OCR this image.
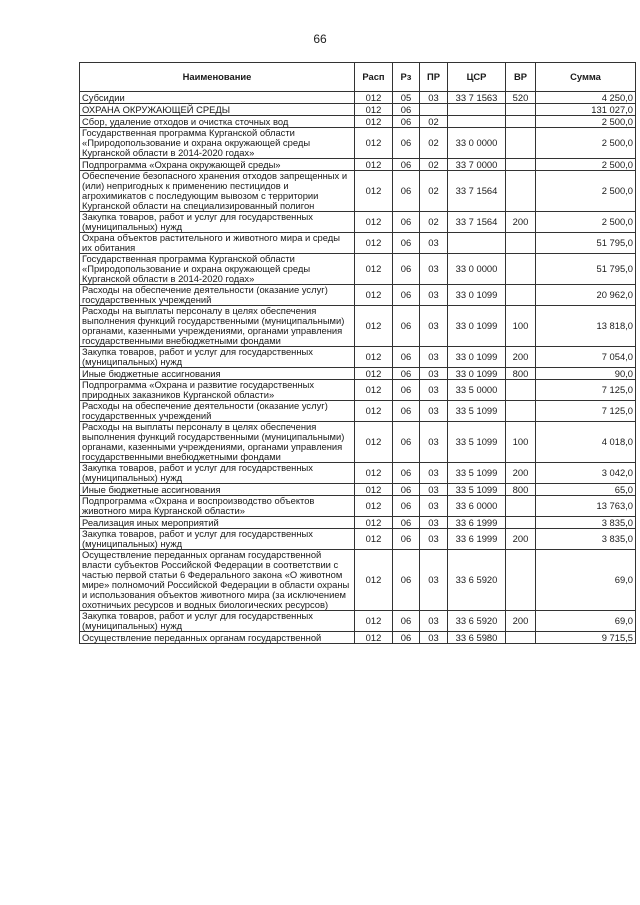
66
Наименование	Расп	Рз	ПР	ЦСР	ВР	Сумма
Субсидии	012	05	03	33 7 1563	520	4 250,0
ОХРАНА ОКРУЖАЮЩЕЙ СРЕДЫ	012	06				131 027,0
Сбор, удаление отходов и очистка сточных вод	012	06	02			2 500,0
Государственная программа Курганской области «Природопользование и охрана окружающей среды Курганской области в 2014-2020 годах»	012	06	02	33 0 0000		2 500,0
Подпрограмма «Охрана окружающей среды»	012	06	02	33 7 0000		2 500,0
Обеспечение безопасного хранения отходов запрещенных и (или) непригодных к применению пестицидов и агрохимикатов с последующим вывозом с территории Курганской области на специализированный полигон	012	06	02	33 7 1564		2 500,0
Закупка товаров, работ и услуг для государственных (муниципальных) нужд	012	06	02	33 7 1564	200	2 500,0
Охрана объектов растительного и животного мира и среды их обитания	012	06	03			51 795,0
Государственная программа Курганской области «Природопользование и охрана окружающей среды Курганской области в 2014-2020 годах»	012	06	03	33 0 0000		51 795,0
Расходы на обеспечение деятельности (оказание услуг) государственных учреждений	012	06	03	33 0 1099		20 962,0
Расходы на выплаты персоналу в целях обеспечения выполнения функций государственными (муниципальными) органами, казенными учреждениями, органами управления государственными внебюджетными фондами	012	06	03	33 0 1099	100	13 818,0
Закупка товаров, работ и услуг для государственных (муниципальных) нужд	012	06	03	33 0 1099	200	7 054,0
Иные бюджетные ассигнования	012	06	03	33 0 1099	800	90,0
Подпрограмма «Охрана и развитие государственных природных заказников Курганской области»	012	06	03	33 5 0000		7 125,0
Расходы на обеспечение деятельности (оказание услуг) государственных учреждений	012	06	03	33 5 1099		7 125,0
Расходы на выплаты персоналу в целях обеспечения выполнения функций государственными (муниципальными) органами, казенными учреждениями, органами управления государственными внебюджетными фондами	012	06	03	33 5 1099	100	4 018,0
Закупка товаров, работ и услуг для государственных (муниципальных) нужд	012	06	03	33 5 1099	200	3 042,0
Иные бюджетные ассигнования	012	06	03	33 5 1099	800	65,0
Подпрограмма «Охрана и воспроизводство объектов животного мира Курганской области»	012	06	03	33 6 0000		13 763,0
Реализация иных мероприятий	012	06	03	33 6 1999		3 835,0
Закупка товаров, работ и услуг для государственных (муниципальных) нужд	012	06	03	33 6 1999	200	3 835,0
Осуществление переданных органам государственной власти субъектов Российской Федерации в соответствии с частью первой статьи 6 Федерального закона «О животном мире» полномочий Российской Федерации в области охраны и использования объектов животного мира (за исключением охотничьих ресурсов и водных биологических ресурсов)	012	06	03	33 6 5920		69,0
Закупка товаров, работ и услуг для государственных (муниципальных) нужд	012	06	03	33 6 5920	200	69,0
Осуществление переданных органам государственной	012	06	03	33 6 5980		9 715,5
